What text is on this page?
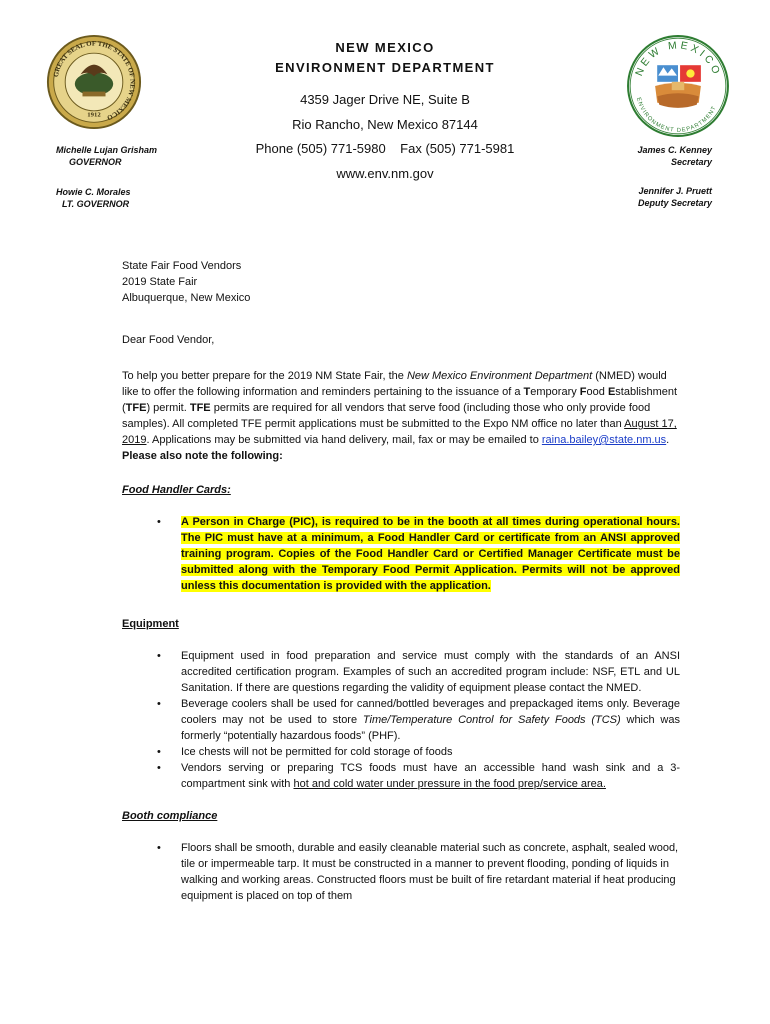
GREAT SEAL OF THE STATE OF NEW MEXICO
1912
NEW MEXICO
ENVIRONMENT DEPARTMENT
NEW MEXICO
ENVIRONMENT DEPARTMENT
4359 Jager Drive NE, Suite B
Rio Rancho, New Mexico 87144
Phone (505) 771-5980    Fax (505) 771-5981
www.env.nm.gov
Michelle Lujan Grisham
GOVERNOR
Howie C. Morales
LT. GOVERNOR
James C. Kenney
Secretary
Jennifer J. Pruett
Deputy Secretary
State Fair Food Vendors
2019 State Fair
Albuquerque, New Mexico
Dear Food Vendor,
To help you better prepare for the 2019 NM State Fair, the New Mexico Environment Department (NMED) would like to offer the following information and reminders pertaining to the issuance of a Temporary Food Establishment (TFE) permit. TFE permits are required for all vendors that serve food (including those who only provide food samples). All completed TFE permit applications must be submitted to the Expo NM office no later than August 17, 2019. Applications may be submitted via hand delivery, mail, fax or may be emailed to raina.bailey@state.nm.us. Please also note the following:
Food Handler Cards:
• A Person in Charge (PIC), is required to be in the booth at all times during operational hours. The PIC must have at a minimum, a Food Handler Card or certificate from an ANSI approved training program. Copies of the Food Handler Card or Certified Manager Certificate must be submitted along with the Temporary Food Permit Application. Permits will not be approved unless this documentation is provided with the application.
Equipment
• Equipment used in food preparation and service must comply with the standards of an ANSI accredited certification program. Examples of such an accredited program include: NSF, ETL and UL Sanitation. If there are questions regarding the validity of equipment please contact the NMED.
• Beverage coolers shall be used for canned/bottled beverages and prepackaged items only. Beverage coolers may not be used to store Time/Temperature Control for Safety Foods (TCS) which was formerly “potentially hazardous foods” (PHF).
• Ice chests will not be permitted for cold storage of foods
• Vendors serving or preparing TCS foods must have an accessible hand wash sink and a 3-compartment sink with hot and cold water under pressure in the food prep/service area.
Booth compliance
• Floors shall be smooth, durable and easily cleanable material such as concrete, asphalt, sealed wood, tile or impermeable tarp. It must be constructed in a manner to prevent flooding, ponding of liquids in walking and working areas. Constructed floors must be built of fire retardant material if heat producing equipment is placed on top of them
